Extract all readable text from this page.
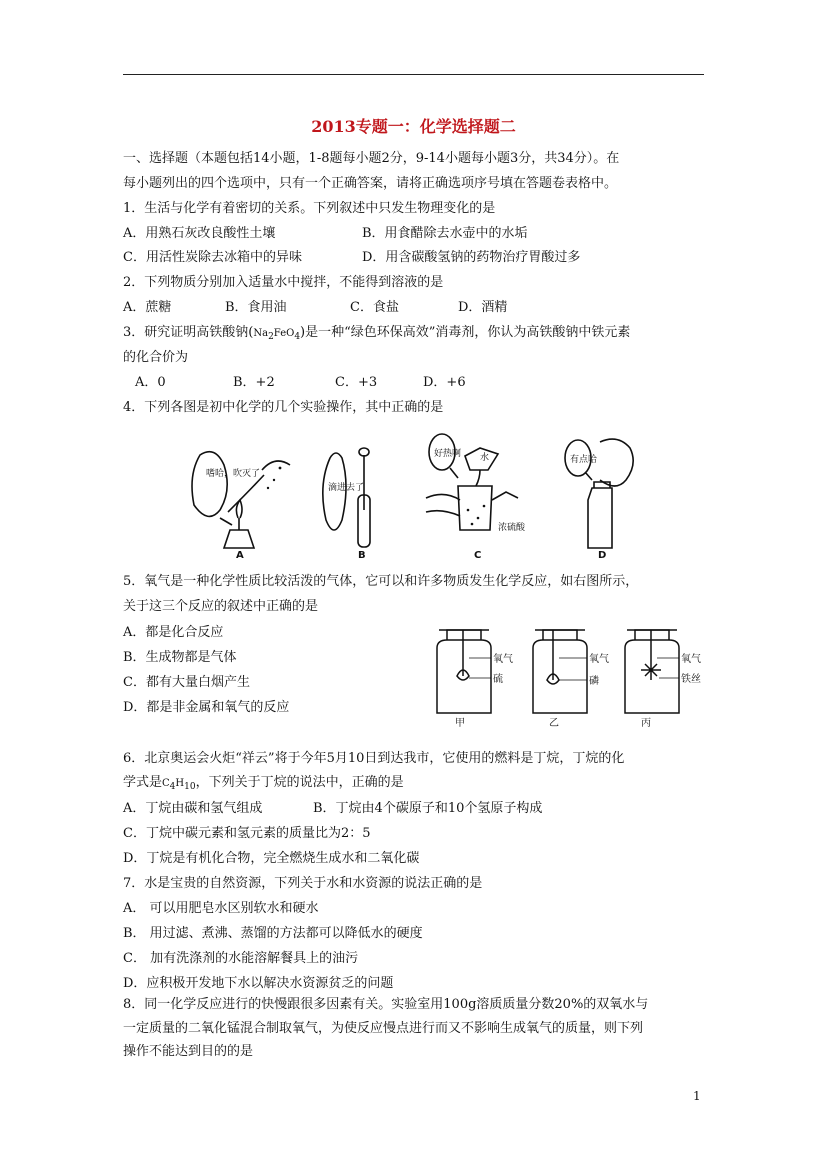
2013专题一：化学选择题二
一、选择题（本题包括14小题，1-8题每小题2分，9-14小题每小题3分，共34分）。在
每小题列出的四个选项中，只有一个正确答案，请将正确选项序号填在答题卷表格中。
1．生活与化学有着密切的关系。下列叙述中只发生物理变化的是
A．用熟石灰改良酸性土壤	B．用食醋除去水壶中的水垢
C．用活性炭除去冰箱中的异味	D．用含碳酸氢钠的药物治疗胃酸过多
2．下列物质分别加入适量水中搅拌，不能得到溶液的是
A．蔗糖	B．食用油	C．食盐	D．酒精
3．研究证明高铁酸钠$(Na_2FeO_4)$是一种“绿色环保高效”消毒剂，你认为高铁酸钠中铁元素
的化合价为
A．0	B．+2	C．+3	D．+6
4．下列各图是初中化学的几个实验操作，其中正确的是
嗜哈，吹灭了
滴进去了
好热啊
有点哈
水
浓硫酸
A	B	C	D
5．氧气是一种化学性质比较活泼的气体，它可以和许多物质发生化学反应，如右图所示，
关于这三个反应的叙述中正确的是
A．都是化合反应
B．生成物都是气体
C．都有大量白烟产生
D．都是非金属和氧气的反应
氧气
硫
氧气
磷
氧气
铁丝
甲	乙	丙
6．北京奥运会火炬“祥云”将于今年5月10日到达我市，它使用的燃料是丁烷，丁烷的化
学式是$C_4H_{10}$，下列关于丁烷的说法中，正确的是
A．丁烷由碳和氢气组成	B．丁烷由4个碳原子和10个氢原子构成
C．丁烷中碳元素和氢元素的质量比为2：5
D．丁烷是有机化合物，完全燃烧生成水和二氧化碳
7．水是宝贵的自然资源，下列关于水和水资源的说法正确的是
A． 可以用肥皂水区别软水和硬水
B． 用过滤、煮沸、蒸馏的方法都可以降低水的硬度
C． 加有洗涤剂的水能溶解餐具上的油污
D．应积极开发地下水以解决水资源贫乏的问题
8．同一化学反应进行的快慢跟很多因素有关。实验室用100g溶质质量分数20%的双氧水与
一定质量的二氧化锰混合制取氧气，为使反应慢点进行而又不影响生成氧气的质量，则下列
操作不能达到目的的是
1
